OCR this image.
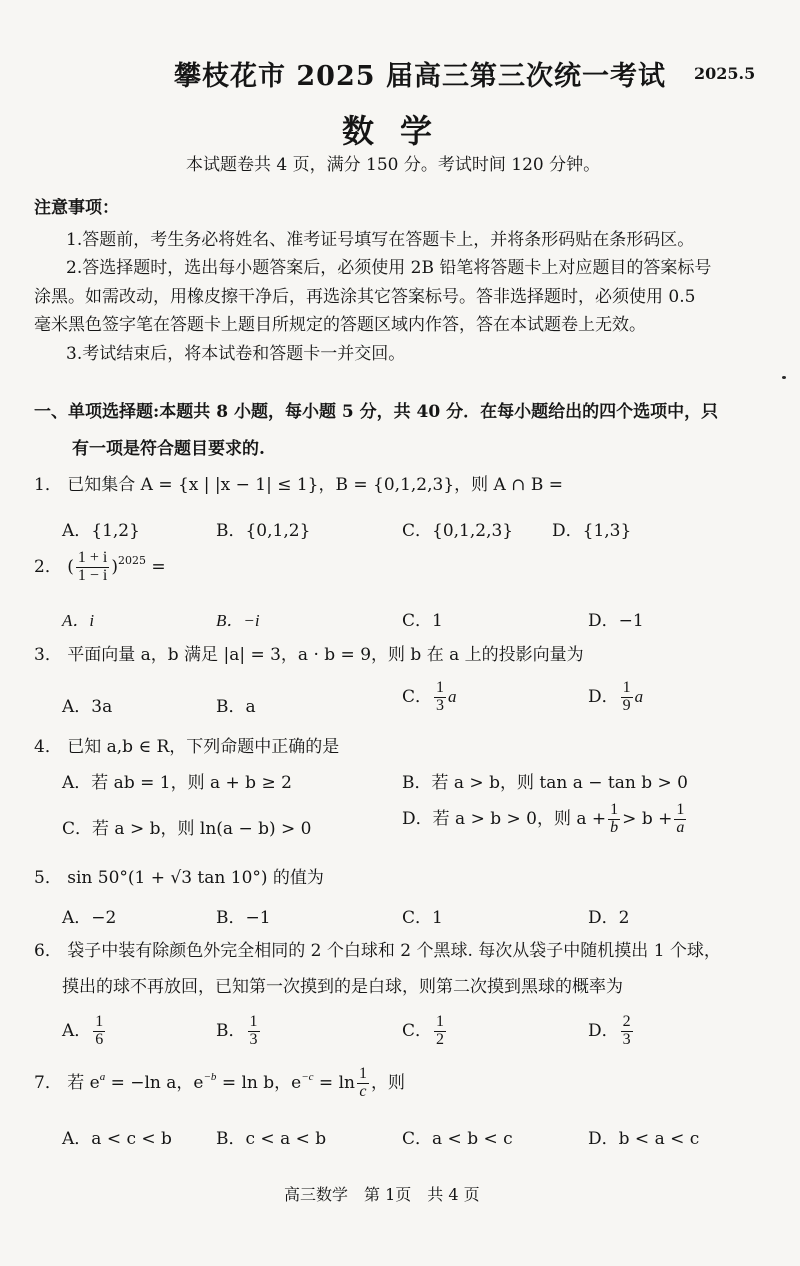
攀枝花市 2025 届高三第三次统一考试 2025.5
数学
本试题卷共 4 页，满分 150 分。考试时间 120 分钟。
注意事项：
1.答题前，考生务必将姓名、准考证号填写在答题卡上，并将条形码贴在条形码区。
2.答选择题时，选出每小题答案后，必须使用 2B 铅笔将答题卡上对应题目的答案标号
涂黑。如需改动，用橡皮擦干净后，再选涂其它答案标号。答非选择题时，必须使用 0.5
毫米黑色签字笔在答题卡上题目所规定的答题区域内作答，答在本试题卷上无效。
3.考试结束后，将本试卷和答题卡一并交回。
一、单项选择题:本题共 8 小题，每小题 5 分，共 40 分．在每小题给出的四个选项中，只
有一项是符合题目要求的.
1． 已知集合 A = {x | |x − 1| ≤ 1}，B = {0,1,2,3}，则 A ∩ B =
A．{1,2}	B．{0,1,2}	C．{0,1,2,3} D．{1,3}
2． ( $\frac{1 + i}{1 - i} )^{2025}$ =
A．i	B．−i	C．1	D．−1
3． 平面向量 a，b 满足 |a| = 3，a · b = 9，则 b 在 a 上的投影向量为
A．3a	B．a
C． $\frac{1}{3}$ a	D． $\frac{1}{9}$ a
4． 已知 a,b ∈ R，下列命题中正确的是
A．若 ab = 1，则 a + b ≥ 2	B．若 a > b，则 tan a − tan b > 0
C．若 a > b，则 ln(a − b) > 0
D．若 a > b > 0，则 $a + \frac{1}{b} > b + \frac{1}{a}$
5． sin 50°(1 + √3 tan 10°) 的值为
A．−2	B．−1	C．1	D．2
6． 袋子中装有除颜色外完全相同的 2 个白球和 2 个黑球. 每次从袋子中随机摸出 1 个球，
摸出的球不再放回，已知第一次摸到的是白球，则第二次摸到黑球的概率为
A． $\frac{1}{6}$	B． $\frac{1}{3}$	C． $\frac{1}{2}$	D． $\frac{2}{3}$
7． 若 $e^a = -\ln$ a，$e^{-b} = \ln b$，$e^{-c} = \ln \frac{1}{c}$ ，则
A．a < c < b	B．c < a < b	C．a < b < c	D．b < a < c
高三数学　第 1页　共 4 页
